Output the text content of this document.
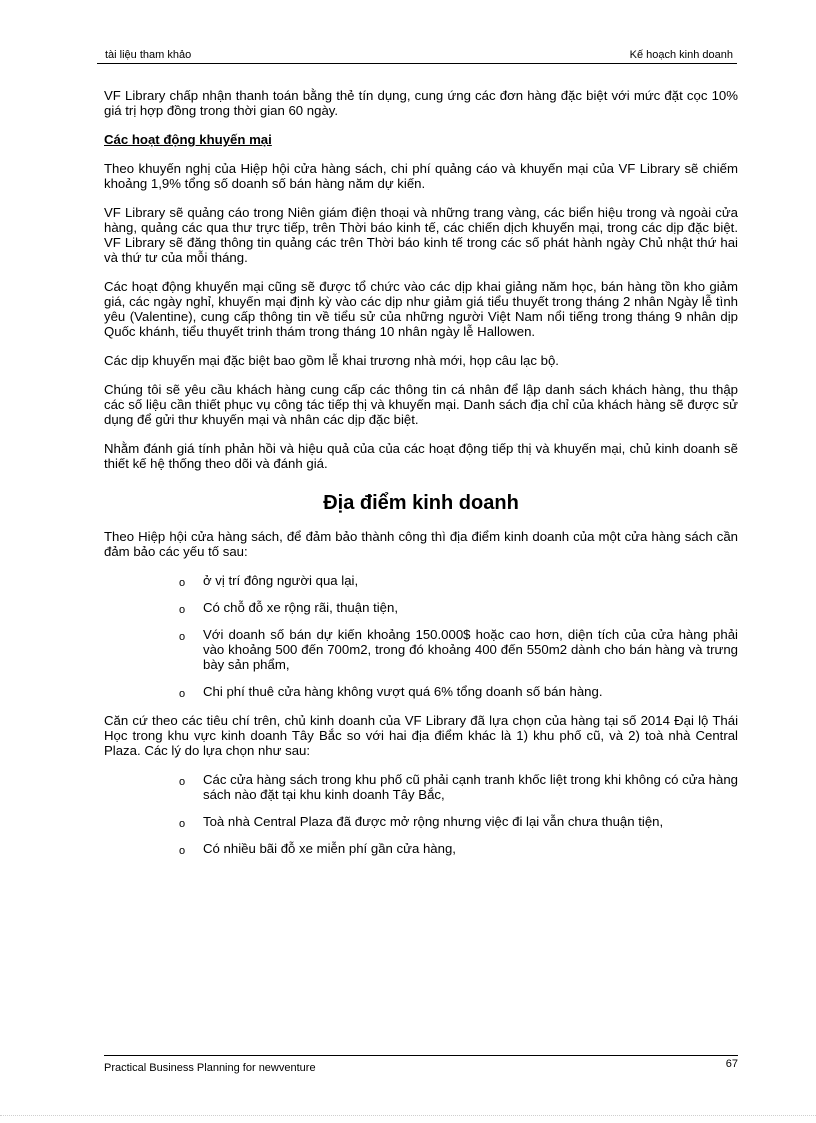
tài liệu tham khảo	Kế hoạch kinh doanh

VF Library chấp nhận thanh toán bằng thẻ tín dụng, cung ứng các đơn hàng đặc biệt với mức đặt cọc 10% giá trị hợp đồng trong thời gian 60 ngày.

Các hoạt động khuyến mại

Theo khuyến nghị của Hiệp hội cửa hàng sách, chi phí quảng cáo và khuyến mại của VF Library sẽ chiếm khoảng 1,9% tổng số doanh số bán hàng năm dự kiến.

VF Library sẽ quảng cáo trong Niên giám điện thoại và những trang vàng, các biển hiệu trong và ngoài cửa hàng, quảng các qua thư trực tiếp, trên Thời báo kinh tế, các chiến dịch khuyến mại, trong các dịp đặc biệt. VF Library sẽ đăng thông tin quảng các trên Thời báo kinh tế trong các số phát hành ngày Chủ nhật thứ hai và thứ tư của mỗi tháng.

Các hoạt động khuyến mại cũng sẽ được tổ chức vào các dịp khai giảng năm học, bán hàng tồn kho giảm giá, các ngày nghỉ, khuyến mại định kỳ vào các dịp như giảm giá tiểu thuyết trong tháng 2 nhân Ngày lễ tình yêu (Valentine), cung cấp thông tin về tiểu sử của những người Việt Nam nổi tiếng trong tháng 9 nhân dịp Quốc khánh, tiểu thuyết trinh thám trong tháng 10 nhân ngày lễ Hallowen.

Các dịp khuyến mại đặc biệt bao gồm lễ khai trương nhà mới, họp câu lạc bộ.

Chúng tôi sẽ yêu cầu khách hàng cung cấp các thông tin cá nhân để lập danh sách khách hàng, thu thập các số liệu cần thiết phục vụ công tác tiếp thị và khuyến mại. Danh sách địa chỉ của khách hàng sẽ được sử dụng để gửi thư khuyến mại và nhân các dịp đặc biệt.

Nhằm đánh giá tính phản hồi và hiệu quả của của các hoạt động tiếp thị và khuyến mại, chủ kinh doanh sẽ thiết kế hệ thống theo dõi và đánh giá.

Địa điểm kinh doanh

Theo Hiệp hội cửa hàng sách, để đảm bảo thành công thì địa điểm kinh doanh của một cửa hàng sách cần đảm bảo các yếu tố sau:

o ở vị trí đông người qua lại,
o Có chỗ đỗ xe rộng rãi, thuận tiện,
o Với doanh số bán dự kiến khoảng 150.000$ hoặc cao hơn, diện tích của cửa hàng phải vào khoảng 500 đến 700m2, trong đó khoảng 400 đến 550m2 dành cho bán hàng và trưng bày sản phẩm,
o Chi phí thuê cửa hàng không vượt quá 6% tổng doanh số bán hàng.

Căn cứ theo các tiêu chí trên, chủ kinh doanh của VF Library đã lựa chọn của hàng tại số 2014 Đại lộ Thái Học trong khu vực kinh doanh Tây Bắc so với hai địa điểm khác là 1) khu phố cũ, và 2) toà nhà Central Plaza. Các lý do lựa chọn như sau:

o Các cửa hàng sách trong khu phố cũ phải cạnh tranh khốc liệt trong khi không có cửa hàng sách nào đặt tại khu kinh doanh Tây Bắc,
o Toà nhà Central Plaza đã được mở rộng nhưng việc đi lại vẫn chưa thuận tiện,
o Có nhiều bãi đỗ xe miễn phí gần cửa hàng,
Practical Business Planning for newventure	67
